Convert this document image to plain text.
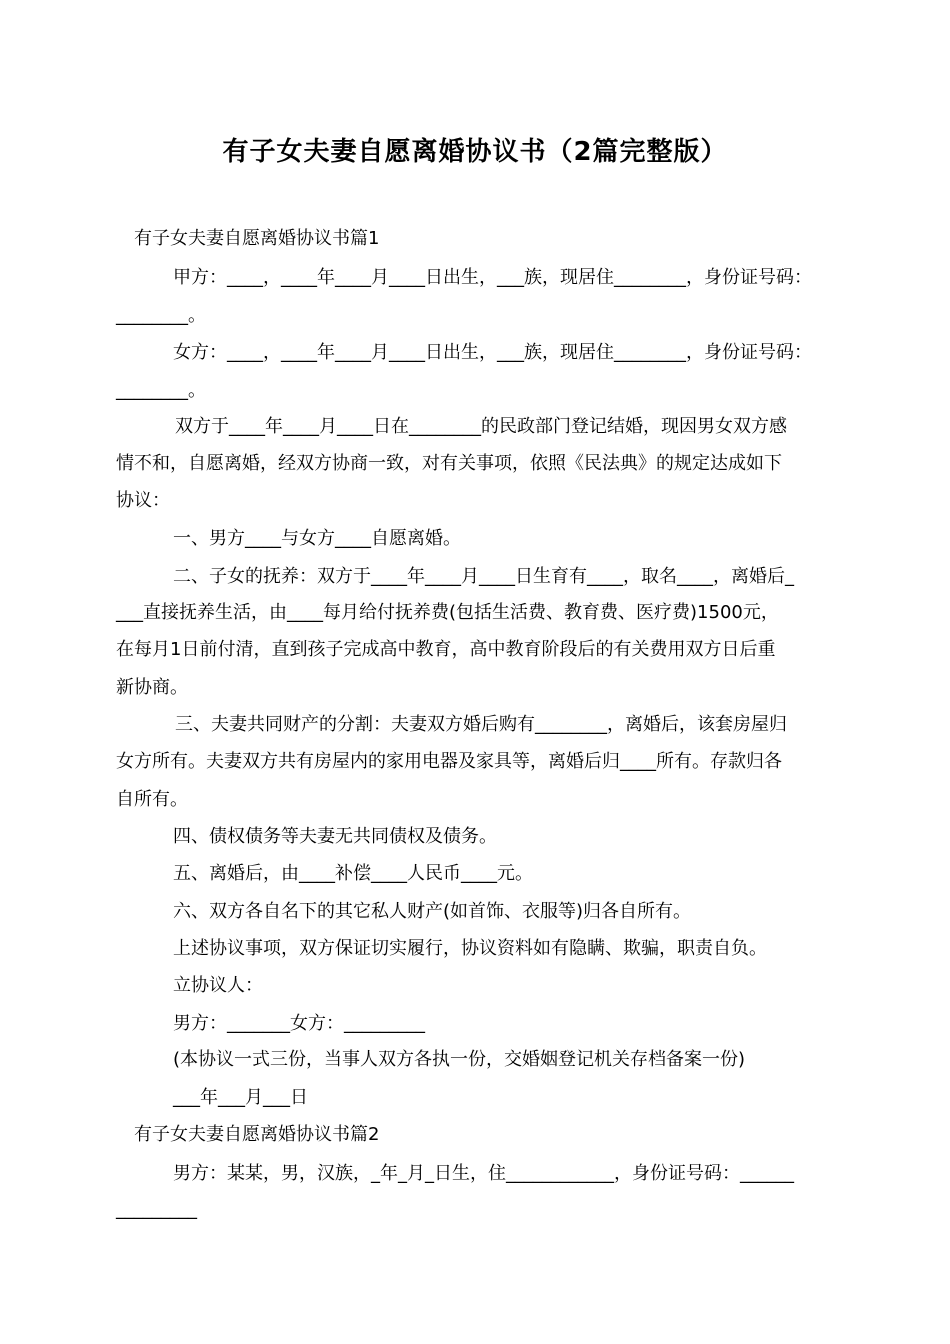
有子女夫妻自愿离婚协议书（2篇完整版）
有子女夫妻自愿离婚协议书篇1
甲方：____，____年____月____日出生，___族，现居住________，身份证号码：
________。
女方：____，____年____月____日出生，___族，现居住________，身份证号码：
________。
双方于____年____月____日在________的民政部门登记结婚，现因男女双方感
情不和，自愿离婚，经双方协商一致，对有关事项，依照《民法典》的规定达成如下
协议：
一、男方____与女方____自愿离婚。
二、子女的抚养：双方于____年____月____日生育有____，取名____，离婚后_
___直接抚养生活，由____每月给付抚养费(包括生活费、教育费、医疗费)1500元，
在每月1日前付清，直到孩子完成高中教育，高中教育阶段后的有关费用双方日后重
新协商。
三、夫妻共同财产的分割：夫妻双方婚后购有________，离婚后，该套房屋归
女方所有。夫妻双方共有房屋内的家用电器及家具等，离婚后归____所有。存款归各
自所有。
四、债权债务等夫妻无共同债权及债务。
五、离婚后，由____补偿____人民币____元。
六、双方各自名下的其它私人财产(如首饰、衣服等)归各自所有。
上述协议事项，双方保证切实履行，协议资料如有隐瞒、欺骗，职责自负。
立协议人：
男方：_______女方：_________
(本协议一式三份，当事人双方各执一份，交婚姻登记机关存档备案一份)
___年___月___日
有子女夫妻自愿离婚协议书篇2
男方：某某，男，汉族，_年_月_日生，住____________，身份证号码：______
_________
